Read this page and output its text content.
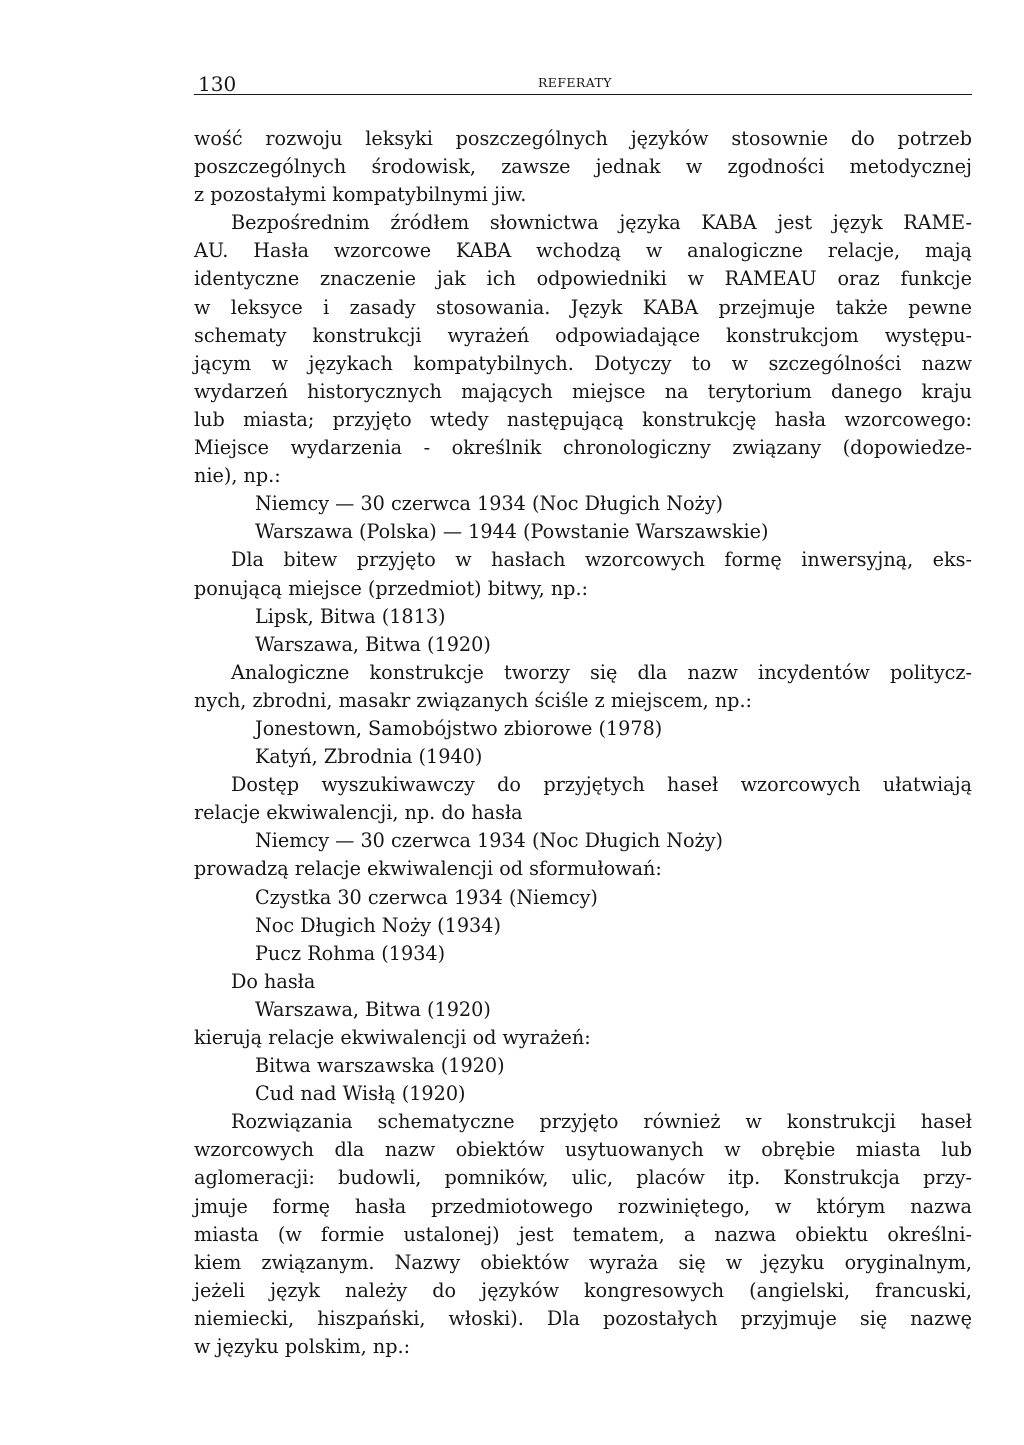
130	REFERATY
wość rozwoju leksyki poszczególnych języków stosownie do potrzeb
poszczególnych środowisk, zawsze jednak w zgodności metodycznej
z pozostałymi kompatybilnymi jiw.
Bezpośrednim źródłem słownictwa języka KABA jest język RAME-
AU. Hasła wzorcowe KABA wchodzą w analogiczne relacje, mają
identyczne znaczenie jak ich odpowiedniki w RAMEAU oraz funkcje
w leksyce i zasady stosowania. Język KABA przejmuje także pewne
schematy konstrukcji wyrażeń odpowiadające konstrukcjom występu-
jącym w językach kompatybilnych. Dotyczy to w szczególności nazw
wydarzeń historycznych mających miejsce na terytorium danego kraju
lub miasta; przyjęto wtedy następującą konstrukcję hasła wzorcowego:
Miejsce wydarzenia - określnik chronologiczny związany (dopowiedze-
nie), np.:
Niemcy — 30 czerwca 1934 (Noc Długich Noży)
Warszawa (Polska) — 1944 (Powstanie Warszawskie)
Dla bitew przyjęto w hasłach wzorcowych formę inwersyjną, eks-
ponującą miejsce (przedmiot) bitwy, np.:
Lipsk, Bitwa (1813)
Warszawa, Bitwa (1920)
Analogiczne konstrukcje tworzy się dla nazw incydentów politycz-
nych, zbrodni, masakr związanych ściśle z miejscem, np.:
Jonestown, Samobójstwo zbiorowe (1978)
Katyń, Zbrodnia (1940)
Dostęp wyszukiwawczy do przyjętych haseł wzorcowych ułatwiają
relacje ekwiwalencji, np. do hasła
Niemcy — 30 czerwca 1934 (Noc Długich Noży)
prowadzą relacje ekwiwalencji od sformułowań:
Czystka 30 czerwca 1934 (Niemcy)
Noc Długich Noży (1934)
Pucz Rohma (1934)
Do hasła
Warszawa, Bitwa (1920)
kierują relacje ekwiwalencji od wyrażeń:
Bitwa warszawska (1920)
Cud nad Wisłą (1920)
Rozwiązania schematyczne przyjęto również w konstrukcji haseł
wzorcowych dla nazw obiektów usytuowanych w obrębie miasta lub
aglomeracji: budowli, pomników, ulic, placów itp. Konstrukcja przy-
jmuje formę hasła przedmiotowego rozwiniętego, w którym nazwa
miasta (w formie ustalonej) jest tematem, a nazwa obiektu określni-
kiem związanym. Nazwy obiektów wyraża się w języku oryginalnym,
jeżeli język należy do języków kongresowych (angielski, francuski,
niemiecki, hiszpański, włoski). Dla pozostałych przyjmuje się nazwę
w języku polskim, np.:
